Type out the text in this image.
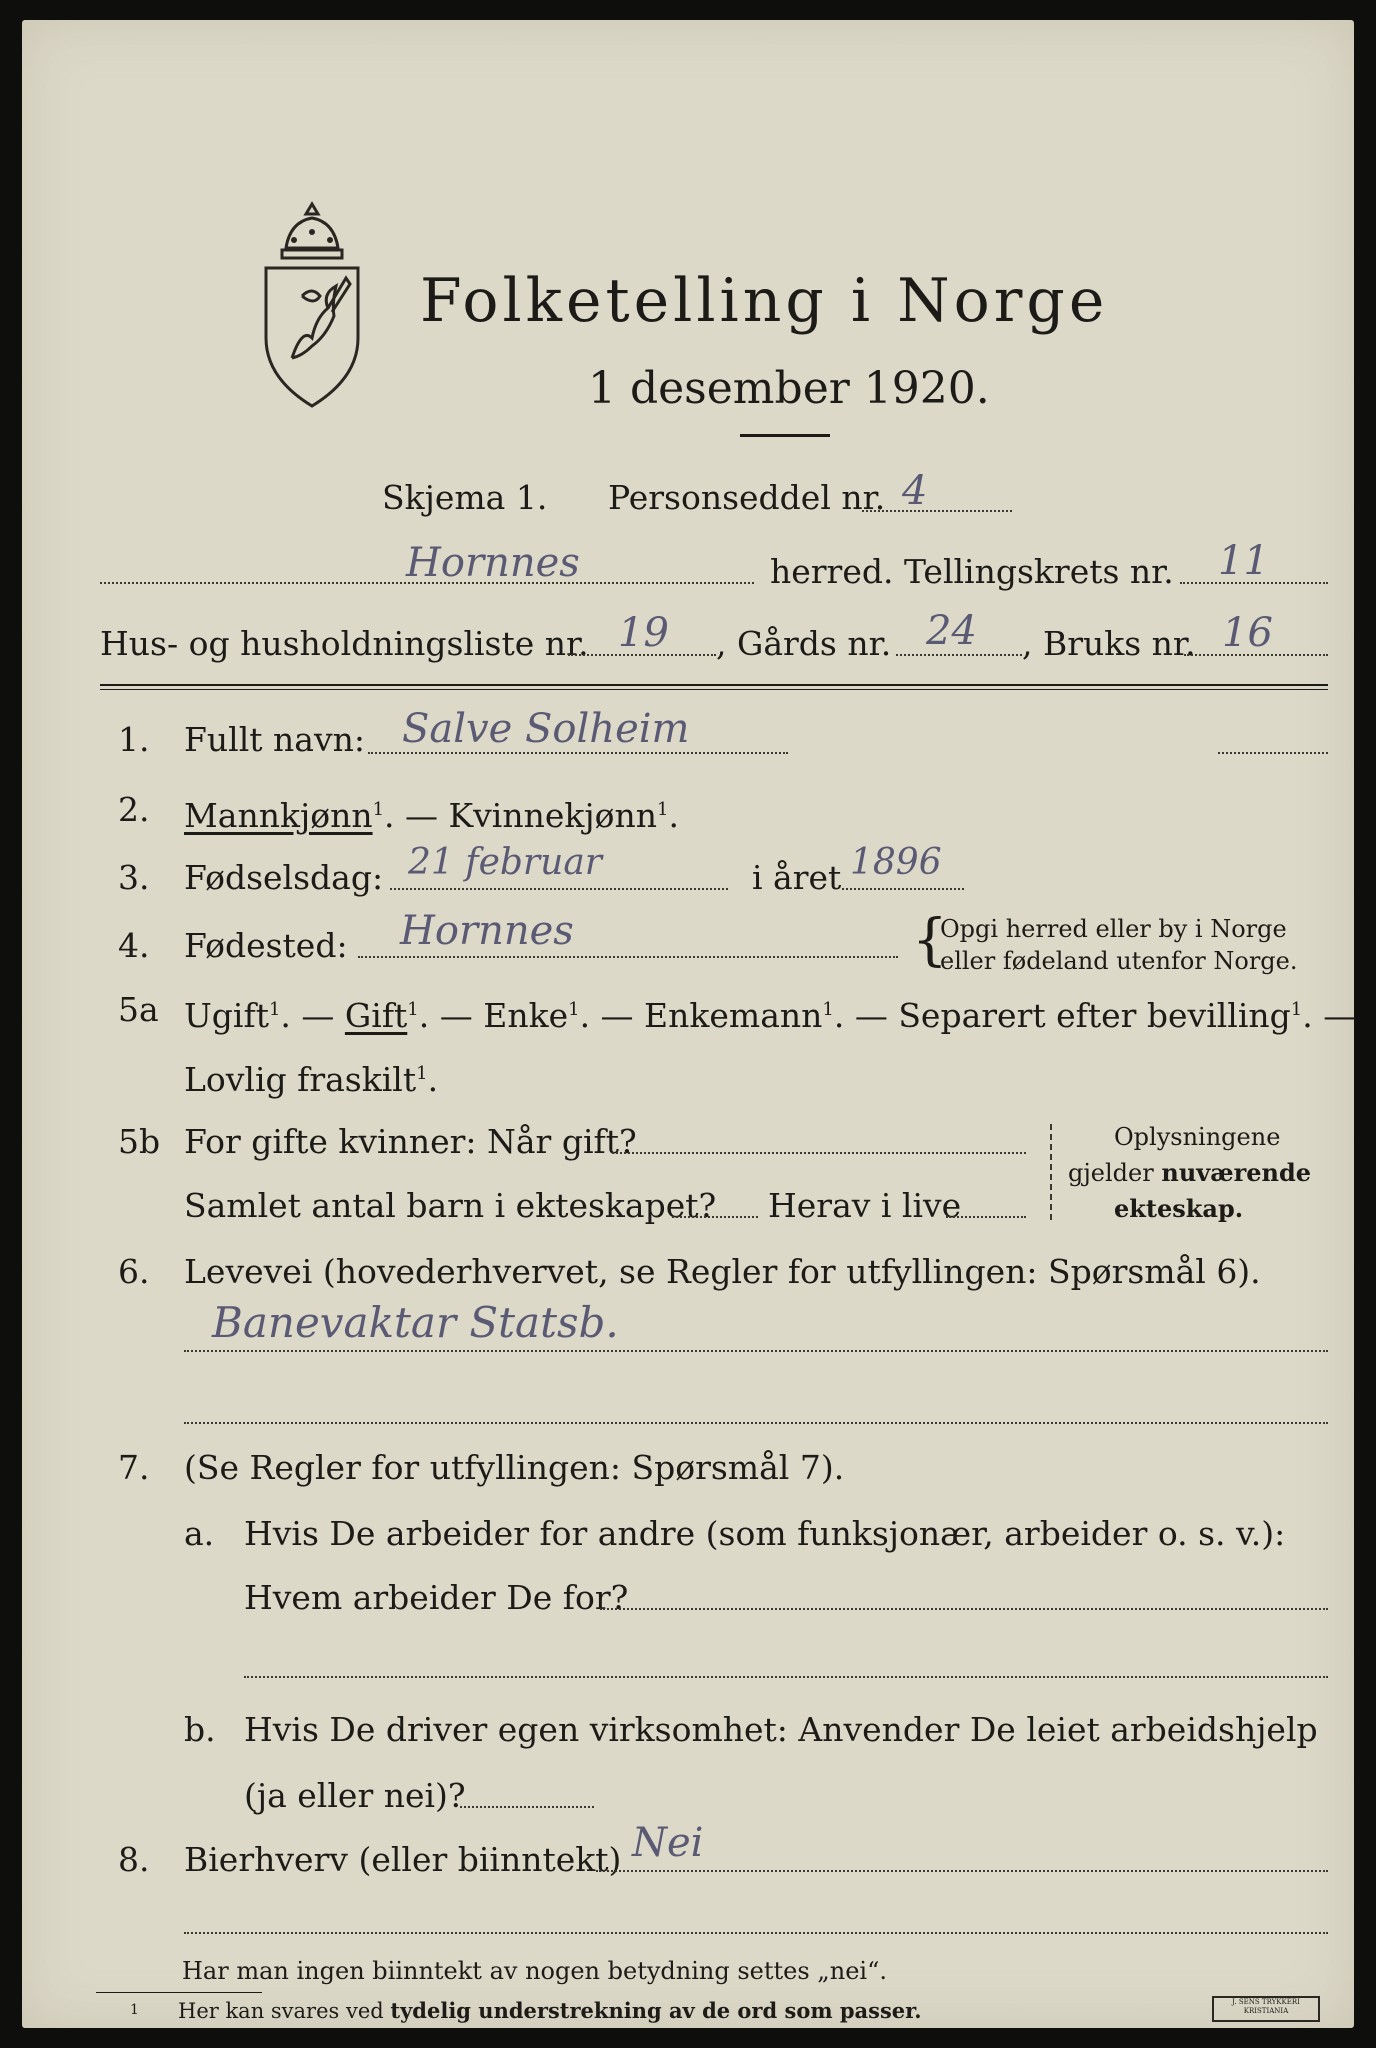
Folketelling i Norge
1 desember 1920.
Skjema 1. Personseddel nr. 4
Hornnes	herred. Tellingskrets nr. 11
Hus- og husholdningsliste nr. 19 , Gårds nr. 24 , Bruks nr. 16
1. Fullt navn: Salve Solheim
2. Mannkjønn$^1$. — Kvinnekjønn$^1$.
3. Fødselsdag: 21 februar	i året 1896
4. Fødested: Hornnes	{
Opgi herred eller by i Norge
eller fødeland utenfor Norge.
5a Ugift$^1$. — Gift$^1$. — Enke$^1$. — Enkemann$^1$. — Separert efter bevilling$^1$. —
Lovlig fraskilt$^1$.
5b For gifte kvinner: Når gift?
Samlet antal barn i ekteskapet? Herav i live
Oplysningene
gjelder nuværende
ekteskap.
6. Levevei (hovederhvervet, se Regler for utfyllingen: Spørsmål 6).
Banevaktar Statsb.
7. (Se Regler for utfyllingen: Spørsmål 7).
a. Hvis De arbeider for andre (som funksjonær, arbeider o. s. v.):
Hvem arbeider De for?
b. Hvis De driver egen virksomhet: Anvender De leiet arbeidshjelp
(ja eller nei)?
8. Bierhverv (eller biinntekt) Nei
Har man ingen biinntekt av nogen betydning settes „nei“.
1 Her kan svares ved tydelig understrekning av de ord som passer.	J. SENS TRYKKERI
KRISTIANIA
